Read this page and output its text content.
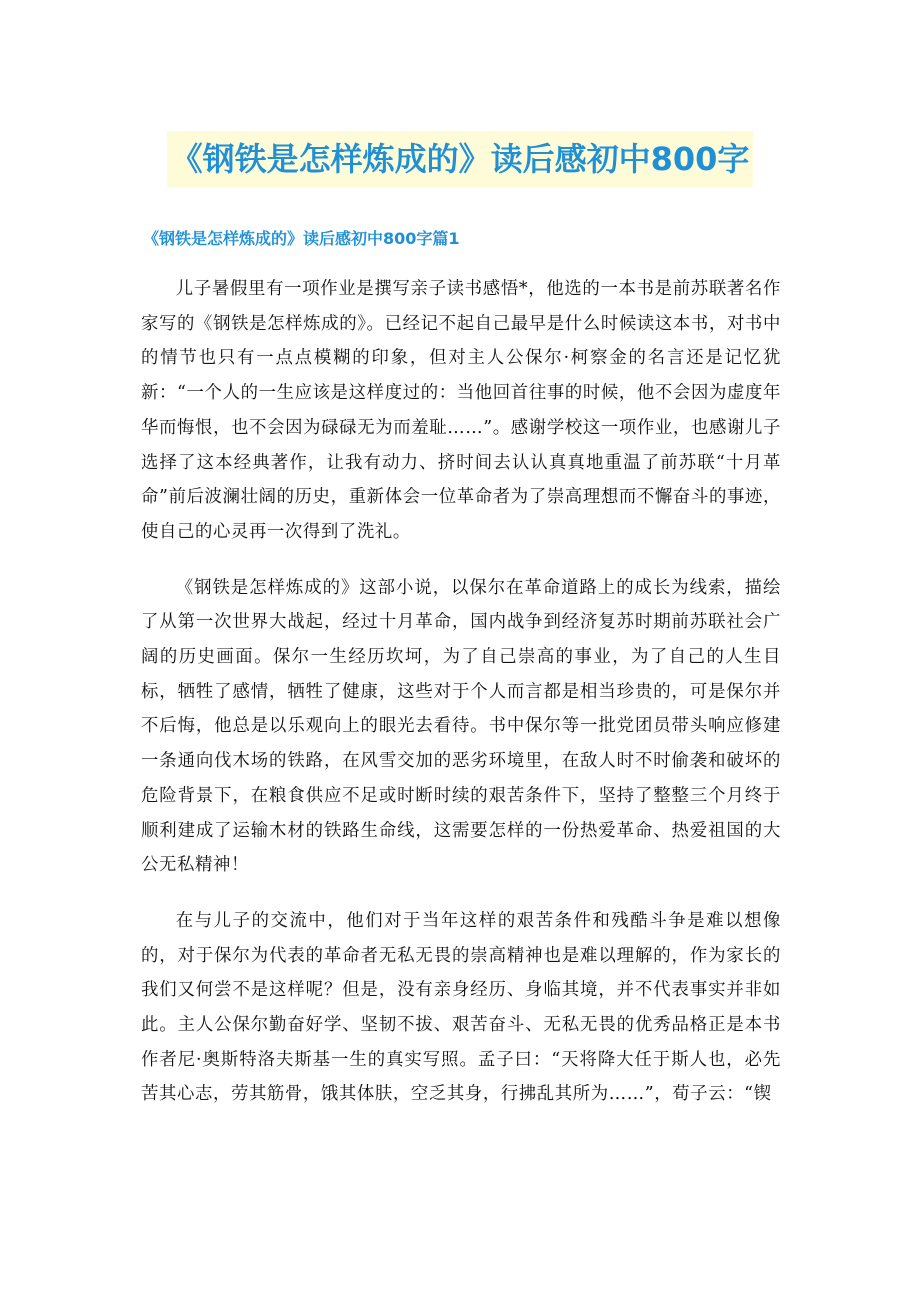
《钢铁是怎样炼成的》读后感初中800字
《钢铁是怎样炼成的》读后感初中800字篇1

儿子暑假里有一项作业是撰写亲子读书感悟*，他选的一本书是前苏联著名作家写的《钢铁是怎样炼成的》。已经记不起自己最早是什么时候读这本书，对书中的情节也只有一点点模糊的印象，但对主人公保尔·柯察金的名言还是记忆犹新：“一个人的一生应该是这样度过的：当他回首往事的时候，他不会因为虚度年华而悔恨，也不会因为碌碌无为而羞耻……”。感谢学校这一项作业，也感谢儿子选择了这本经典著作，让我有动力、挤时间去认认真真地重温了前苏联“十月革命”前后波澜壮阔的历史，重新体会一位革命者为了崇高理想而不懈奋斗的事迹，使自己的心灵再一次得到了洗礼。

《钢铁是怎样炼成的》这部小说，以保尔在革命道路上的成长为线索，描绘了从第一次世界大战起，经过十月革命，国内战争到经济复苏时期前苏联社会广阔的历史画面。保尔一生经历坎坷，为了自己崇高的事业，为了自己的人生目标，牺牲了感情，牺牲了健康，这些对于个人而言都是相当珍贵的，可是保尔并不后悔，他总是以乐观向上的眼光去看待。书中保尔等一批党团员带头响应修建一条通向伐木场的铁路，在风雪交加的恶劣环境里，在敌人时不时偷袭和破坏的危险背景下，在粮食供应不足或时断时续的艰苦条件下，坚持了整整三个月终于顺利建成了运输木材的铁路生命线，这需要怎样的一份热爱革命、热爱祖国的大公无私精神！

在与儿子的交流中，他们对于当年这样的艰苦条件和残酷斗争是难以想像的，对于保尔为代表的革命者无私无畏的崇高精神也是难以理解的，作为家长的我们又何尝不是这样呢？但是，没有亲身经历、身临其境，并不代表事实并非如此。主人公保尔勤奋好学、坚韧不拔、艰苦奋斗、无私无畏的优秀品格正是本书作者尼·奥斯特洛夫斯基一生的真实写照。孟子曰：“天将降大任于斯人也，必先苦其心志，劳其筋骨，饿其体肤，空乏其身，行拂乱其所为……”，荀子云：“锲
